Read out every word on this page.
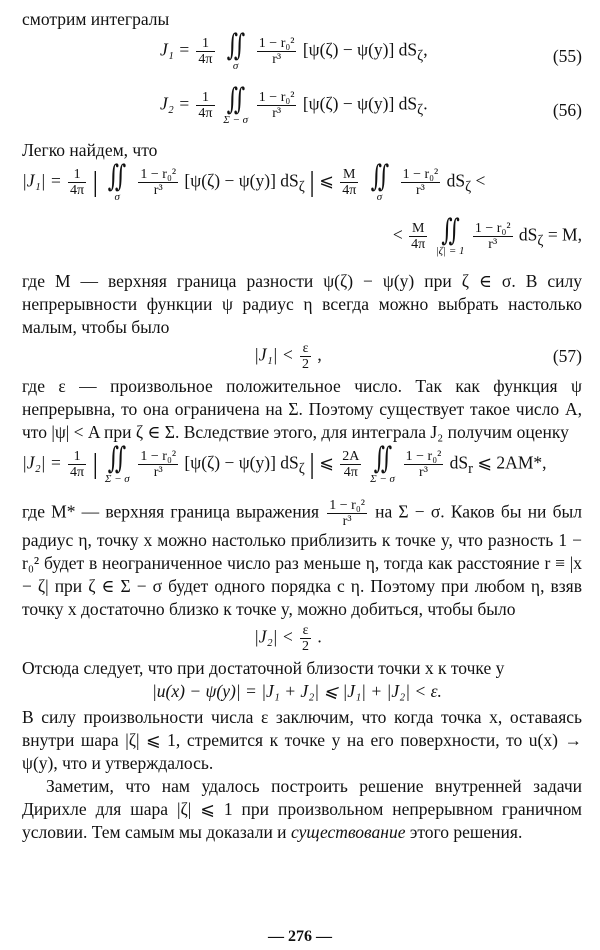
смотрим интегралы

$J_1 = \frac{1}{4\pi}$
∬
σ
	$\frac{\text{1 − r₀²}}{\text{r³}} [\psi(\zeta) - \psi(y)]$ $dS_\zeta$,	(55)
$J_2 = \frac{1}{4\pi}$
∬
Σ − σ
$\frac{\text{1 − r₀²}}{\text{r³}} [\psi(\zeta) - \psi(y)]$ $dS_\zeta$.	(56)

Легко найдем, что

$|J_1| = \frac{1}{4\pi}$ | ∬
σ
	$\frac{\text{1 − r₀²}}{\text{r³}} [\psi(\zeta) - \psi(y)]$ $dS_\zeta$ | ⩽ $\frac{M}{4\pi}$
∬
σ
	$\frac{\text{1 − r₀²}}{\text{r³}} dS_\zeta$ <
< $\frac{M}{4\pi}$
∬
|ζ| = 1
$\frac{\text{1 − r₀²}}{\text{r³}} dS_\zeta = M$,

где M — верхняя граница разности ψ(ζ) − ψ(y) при ζ ∈ σ. В силу непрерывности функции ψ радиус η всегда можно выбрать настолько малым, чтобы было

$|J_1| < \frac{\varepsilon}{2}$ ,	(57)

где ε — произвольное положительное число. Так как функция ψ непрерывна, то она ограничена на Σ. Поэтому существует такое число A, что |ψ| < A при ζ ∈ Σ. Вследствие этого, для интеграла J₂ получим оценку

$|J_2| = \frac{1}{4\pi}$ | ∬
Σ − σ
$\frac{\text{1 − r₀²}}{\text{r³}} [\psi(\zeta) - \psi(y)]$ $dS_\zeta$ | ⩽ $\frac{2A}{4\pi}$
∬
Σ − σ
$\frac{\text{1 − r₀²}}{\text{r³}} dS_r$ ⩽ 2AM*,

где M* — верхняя граница выражения $\frac{\text{1 − r₀²}}{\text{r³}}$ на Σ − σ. Каков бы ни был радиус η, точку x можно настолько приблизить к точке y, что разность 1 − r₀² будет в неограниченное число раз меньше η, тогда как расстояние r ≡ |x − ζ| при ζ ∈ Σ − σ будет одного порядка с η. Поэтому при любом η, взяв точку x достаточно близко к точке y, можно добиться, чтобы было

$|J_2| < \frac{\varepsilon}{2}$ .

Отсюда следует, что при достаточной близости точки x к точке y

|u(x) − ψ(y)| = |J₁ + J₂| ⩽ |J₁| + |J₂| < ε.

В силу произвольности числа ε заключим, что когда точка x, оставаясь внутри шара |ζ| ⩽ 1, стремится к точке y на его поверхности, то u(x) → ψ(y), что и утверждалось.

Заметим, что нам удалось построить решение внутренней задачи Дирихле для шара |ζ| ⩽ 1 при произвольном непрерывном граничном условии. Тем самым мы доказали и существование этого решения.

— 276 —
